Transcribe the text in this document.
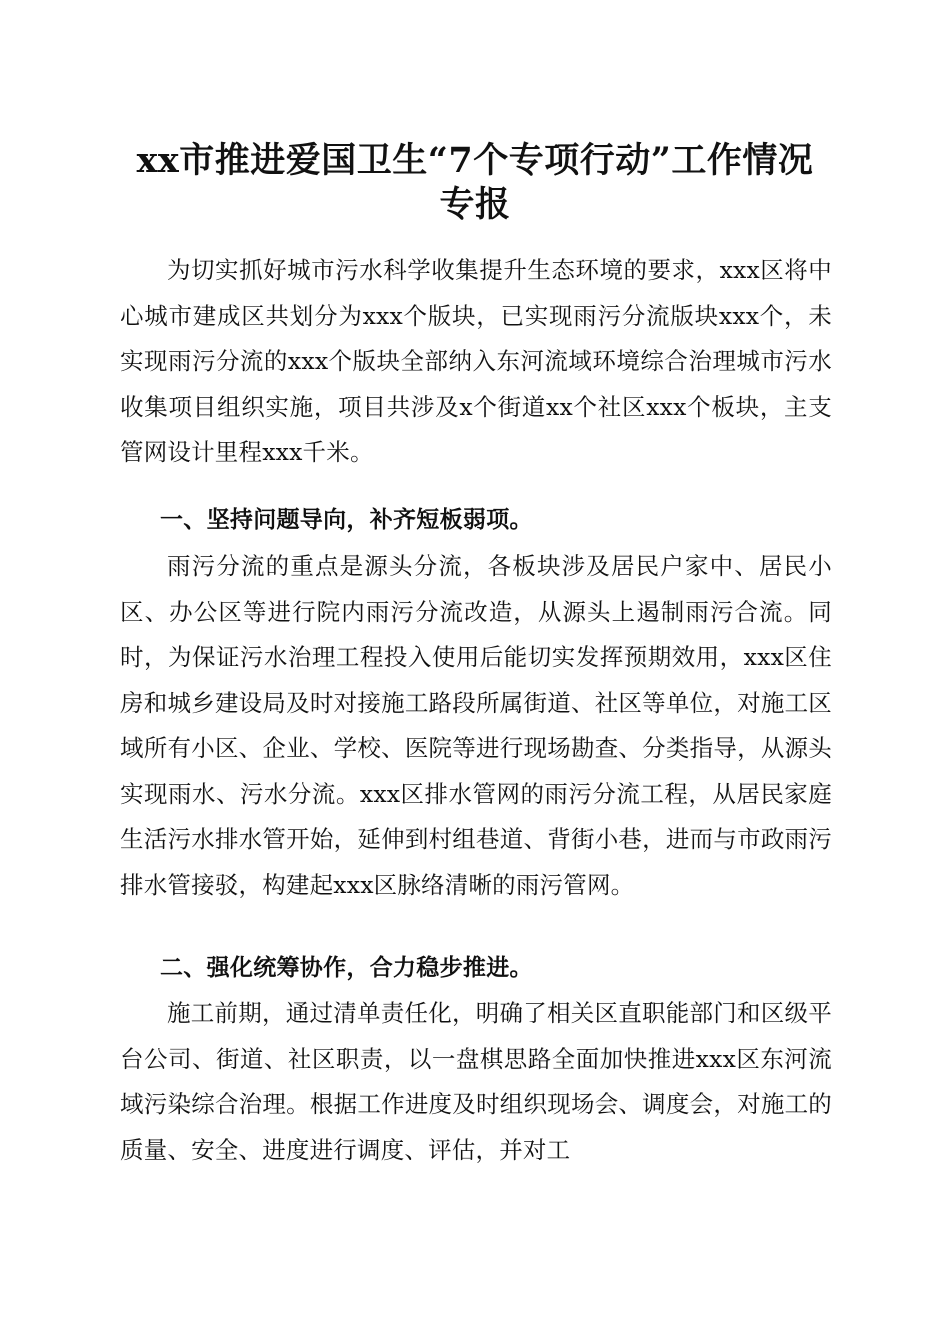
xx市推进爱国卫生“7个专项行动”工作情况
专报

为切实抓好城市污水科学收集提升生态环境的要求，xxx区将中心城市建成区共划分为xxx个版块，已实现雨污分流版块xxx个，未实现雨污分流的xxx个版块全部纳入东河流域环境综合治理城市污水收集项目组织实施，项目共涉及x个街道xx个社区xxx个板块，主支管网设计里程xxx千米。

一、坚持问题导向，补齐短板弱项。

雨污分流的重点是源头分流，各板块涉及居民户家中、居民小区、办公区等进行院内雨污分流改造，从源头上遏制雨污合流。同时，为保证污水治理工程投入使用后能切实发挥预期效用，xxx区住房和城乡建设局及时对接施工路段所属街道、社区等单位，对施工区域所有小区、企业、学校、医院等进行现场勘查、分类指导，从源头实现雨水、污水分流。xxx区排水管网的雨污分流工程，从居民家庭生活污水排水管开始，延伸到村组巷道、背街小巷，进而与市政雨污排水管接驳，构建起xxx区脉络清晰的雨污管网。

二、强化统筹协作，合力稳步推进。

施工前期，通过清单责任化，明确了相关区直职能部门和区级平台公司、街道、社区职责，以一盘棋思路全面加快推进xxx区东河流域污染综合治理。根据工作进度及时组织现场会、调度会，对施工的质量、安全、进度进行调度、评估，并对工
